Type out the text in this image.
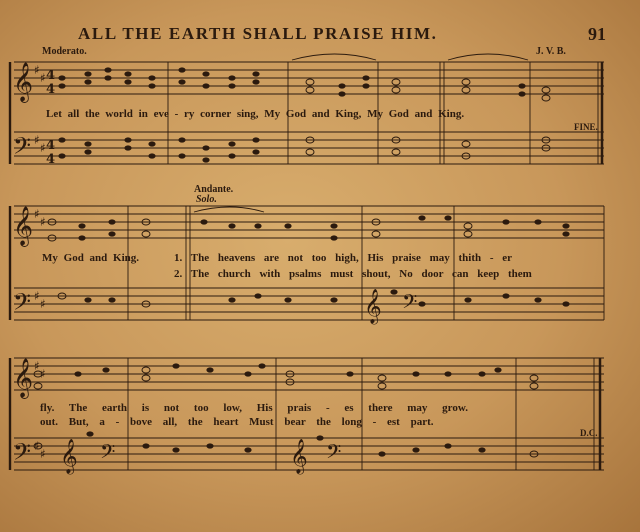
𝄞
𝄢
𝄞
𝄢
𝄞
𝄢
♯
♯ 4
4
♯
♯ 4
4
♯
♯
♯
♯
♯
♯
♯
♯
𝄞 𝄢
𝄞 𝄢	𝄞 𝄢
ALL THE EARTH SHALL PRAISE HIM.	91
Moderato.	J. V. B.
Andante.
Solo.
FINE.
D.C.
Let all the world in eve - ry corner sing, My God and King, My God and King.
My God and King.	1. The heavens are not too high, His praise may thith - er
2. The church with psalms must shout, No door can keep them
fly. The earth is not too low, His prais - es there may grow.
out. But, a - bove all, the heart Must bear the long - est part.
